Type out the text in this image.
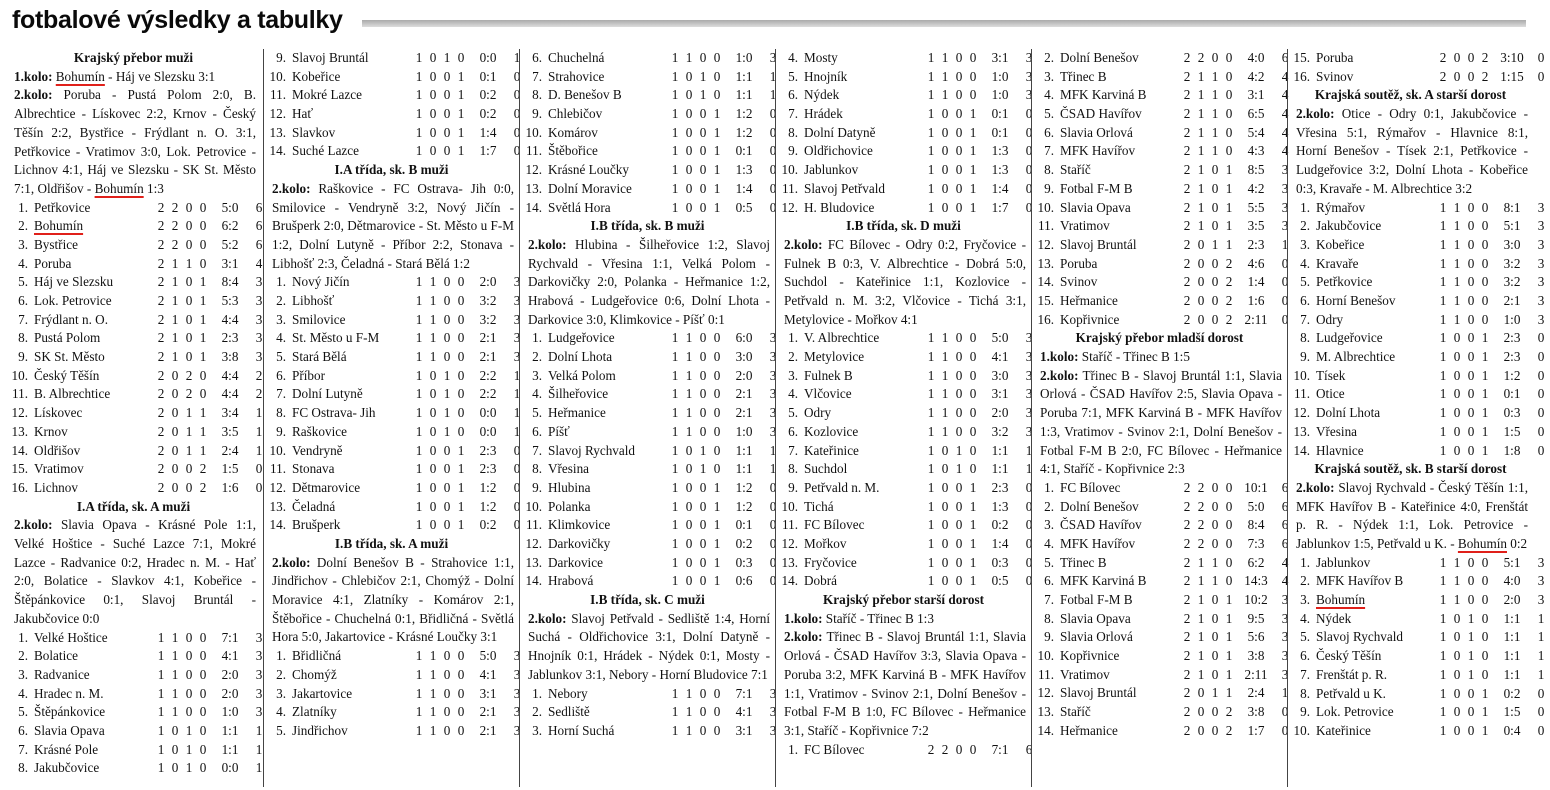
fotbalové výsledky a tabulky
Krajský přebor muži
1.kolo: Bohumín - Háj ve Slezsku 3:1
2.kolo: Poruba - Pustá Polom 2:0, B. Albrechtice - Lískovec 2:2, Krnov - Český Těšín 2:2, Bystřice - Frýdlant n. O. 3:1, Petřkovice - Vratimov 3:0, Lok. Petrovice - Lichnov 4:1, Háj ve Slezsku - SK St. Město 7:1, Oldřišov - Bohumín 1:3
1. Petřkovice	2 2 0 0	5:0	6
2. Bohumín	2 2 0 0	6:2	6
3. Bystřice	2 2 0 0	5:2	6
4. Poruba	2 1 1 0	3:1	4
5. Háj ve Slezsku	2 1 0 1	8:4	3
6. Lok. Petrovice	2 1 0 1	5:3	3
7. Frýdlant n. O.	2 1 0 1	4:4	3
8. Pustá Polom	2 1 0 1	2:3	3
9. SK St. Město	2 1 0 1	3:8	3
10. Český Těšín	2 0 2 0	4:4	2
11. B. Albrechtice	2 0 2 0	4:4	2
12. Lískovec	2 0 1 1	3:4	1
13. Krnov	2 0 1 1	3:5	1
14. Oldřišov	2 0 1 1	2:4	1
15. Vratimov	2 0 0 2	1:5	0
16. Lichnov	2 0 0 2	1:6	0
I.A třída, sk. A muži
2.kolo: Slavia Opava - Krásné Pole 1:1, Velké Hoštice - Suché Lazce 7:1, Mokré Lazce - Radvanice 0:2, Hradec n. M. - Hať 2:0, Bolatice - Slavkov 4:1, Kobeřice - Štěpánkovice 0:1, Slavoj Bruntál - Jakubčovice 0:0
1. Velké Hoštice	1 1 0 0	7:1	3
2. Bolatice	1 1 0 0	4:1	3
3. Radvanice	1 1 0 0	2:0	3
4. Hradec n. M.	1 1 0 0	2:0	3
5. Štěpánkovice	1 1 0 0	1:0	3
6. Slavia Opava	1 0 1 0	1:1	1
7. Krásné Pole	1 0 1 0	1:1	1
8. Jakubčovice	1 0 1 0	0:0	1
9. Slavoj Bruntál	1 0 1 0	0:0	1
10. Kobeřice	1 0 0 1	0:1	0
11. Mokré Lazce	1 0 0 1	0:2	0
12. Hať	1 0 0 1	0:2	0
13. Slavkov	1 0 0 1	1:4	0
14. Suché Lazce	1 0 0 1	1:7	0
I.A třída, sk. B muži
2.kolo: Raškovice - FC Ostrava- Jih 0:0, Smilovice - Vendryně 3:2, Nový Jičín - Brušperk 2:0, Dětmarovice - St. Město u F-M 1:2, Dolní Lutyně - Příbor 2:2, Stonava - Libhošť 2:3, Čeladná - Stará Bělá 1:2
1. Nový Jičín	1 1 0 0	2:0	3
2. Libhošť	1 1 0 0	3:2	3
3. Smilovice	1 1 0 0	3:2	3
4. St. Město u F-M	1 1 0 0	2:1	3
5. Stará Bělá	1 1 0 0	2:1	3
6. Příbor	1 0 1 0	2:2	1
7. Dolní Lutyně	1 0 1 0	2:2	1
8. FC Ostrava- Jih	1 0 1 0	0:0	1
9. Raškovice	1 0 1 0	0:0	1
10. Vendryně	1 0 0 1	2:3	0
11. Stonava	1 0 0 1	2:3	0
12. Dětmarovice	1 0 0 1	1:2	0
13. Čeladná	1 0 0 1	1:2	0
14. Brušperk	1 0 0 1	0:2	0
I.B třída, sk. A muži
2.kolo: Dolní Benešov B - Strahovice 1:1, Jindřichov - Chlebičov 2:1, Chomýž - Dolní Moravice 4:1, Zlatníky - Komárov 2:1, Štěbořice - Chuchelná 0:1, Břidličná - Světlá Hora 5:0, Jakartovice - Krásné Loučky 3:1
1. Břidličná	1 1 0 0	5:0	3
2. Chomýž	1 1 0 0	4:1	3
3. Jakartovice	1 1 0 0	3:1	3
4. Zlatníky	1 1 0 0	2:1	3
5. Jindřichov	1 1 0 0	2:1	3
6. Chuchelná	1 1 0 0	1:0	3
7. Strahovice	1 0 1 0	1:1	1
8. D. Benešov B	1 0 1 0	1:1	1
9. Chlebičov	1 0 0 1	1:2	0
10. Komárov	1 0 0 1	1:2	0
11. Štěbořice	1 0 0 1	0:1	0
12. Krásné Loučky	1 0 0 1	1:3	0
13. Dolní Moravice	1 0 0 1	1:4	0
14. Světlá Hora	1 0 0 1	0:5	0
I.B třída, sk. B muži
2.kolo: Hlubina - Šilheřovice 1:2, Slavoj Rychvald - Vřesina 1:1, Velká Polom - Darkovičky 2:0, Polanka - Heřmanice 1:2, Hrabová - Ludgeřovice 0:6, Dolní Lhota - Darkovice 3:0, Klimkovice - Píšť 0:1
1. Ludgeřovice	1 1 0 0	6:0	3
2. Dolní Lhota	1 1 0 0	3:0	3
3. Velká Polom	1 1 0 0	2:0	3
4. Šilheřovice	1 1 0 0	2:1	3
5. Heřmanice	1 1 0 0	2:1	3
6. Píšť	1 1 0 0	1:0	3
7. Slavoj Rychvald	1 0 1 0	1:1	1
8. Vřesina	1 0 1 0	1:1	1
9. Hlubina	1 0 0 1	1:2	0
10. Polanka	1 0 0 1	1:2	0
11. Klimkovice	1 0 0 1	0:1	0
12. Darkovičky	1 0 0 1	0:2	0
13. Darkovice	1 0 0 1	0:3	0
14. Hrabová	1 0 0 1	0:6	0
I.B třída, sk. C muži
2.kolo: Slavoj Petřvald - Sedliště 1:4, Horní Suchá - Oldřichovice 3:1, Dolní Datyně - Hnojník 0:1, Hrádek - Nýdek 0:1, Mosty - Jablunkov 3:1, Nebory - Horní Bludovice 7:1
1. Nebory	1 1 0 0	7:1	3
2. Sedliště	1 1 0 0	4:1	3
3. Horní Suchá	1 1 0 0	3:1	3
4. Mosty	1 1 0 0	3:1	3
5. Hnojník	1 1 0 0	1:0	3
6. Nýdek	1 1 0 0	1:0	3
7. Hrádek	1 0 0 1	0:1	0
8. Dolní Datyně	1 0 0 1	0:1	0
9. Oldřichovice	1 0 0 1	1:3	0
10. Jablunkov	1 0 0 1	1:3	0
11. Slavoj Petřvald	1 0 0 1	1:4	0
12. H. Bludovice	1 0 0 1	1:7	0
I.B třída, sk. D muži
2.kolo: FC Bílovec - Odry 0:2, Fryčovice - Fulnek B 0:3, V. Albrechtice - Dobrá 5:0, Suchdol - Kateřinice 1:1, Kozlovice - Petřvald n. M. 3:2, Vlčovice - Tichá 3:1, Metylovice - Mořkov 4:1
1. V. Albrechtice	1 1 0 0	5:0	3
2. Metylovice	1 1 0 0	4:1	3
3. Fulnek B	1 1 0 0	3:0	3
4. Vlčovice	1 1 0 0	3:1	3
5. Odry	1 1 0 0	2:0	3
6. Kozlovice	1 1 0 0	3:2	3
7. Kateřinice	1 0 1 0	1:1	1
8. Suchdol	1 0 1 0	1:1	1
9. Petřvald n. M.	1 0 0 1	2:3	0
10. Tichá	1 0 0 1	1:3	0
11. FC Bílovec	1 0 0 1	0:2	0
12. Mořkov	1 0 0 1	1:4	0
13. Fryčovice	1 0 0 1	0:3	0
14. Dobrá	1 0 0 1	0:5	0
Krajský přebor starší dorost
1.kolo: Staříč - Třinec B 1:3
2.kolo: Třinec B - Slavoj Bruntál 1:1, Slavia Orlová - ČSAD Havířov 3:3, Slavia Opava - Poruba 3:2, MFK Karviná B - MFK Havířov 1:1, Vratimov - Svinov 2:1, Dolní Benešov - Fotbal F-M B 1:0, FC Bílovec - Heřmanice 3:1, Staříč - Kopřivnice 7:2
1. FC Bílovec	2 2 0 0	7:1	6
2. Dolní Benešov	2 2 0 0	4:0	6
3. Třinec B	2 1 1 0	4:2	4
4. MFK Karviná B	2 1 1 0	3:1	4
5. ČSAD Havířov	2 1 1 0	6:5	4
6. Slavia Orlová	2 1 1 0	5:4	4
7. MFK Havířov	2 1 1 0	4:3	4
8. Staříč	2 1 0 1	8:5	3
9. Fotbal F-M B	2 1 0 1	4:2	3
10. Slavia Opava	2 1 0 1	5:5	3
11. Vratimov	2 1 0 1	3:5	3
12. Slavoj Bruntál	2 0 1 1	2:3	1
13. Poruba	2 0 0 2	4:6	0
14. Svinov	2 0 0 2	1:4	0
15. Heřmanice	2 0 0 2	1:6	0
16. Kopřivnice	2 0 0 2 2:11	0
Krajský přebor mladší dorost
1.kolo: Staříč - Třinec B 1:5
2.kolo: Třinec B - Slavoj Bruntál 1:1, Slavia Orlová - ČSAD Havířov 2:5, Slavia Opava - Poruba 7:1, MFK Karviná B - MFK Havířov 1:3, Vratimov - Svinov 2:1, Dolní Benešov - Fotbal F-M B 2:0, FC Bílovec - Heřmanice 4:1, Staříč - Kopřivnice 2:3
1. FC Bílovec	2 2 0 0 10:1	6
2. Dolní Benešov	2 2 0 0	5:0	6
3. ČSAD Havířov	2 2 0 0	8:4	6
4. MFK Havířov	2 2 0 0	7:3	6
5. Třinec B	2 1 1 0	6:2	4
6. MFK Karviná B	2 1 1 0 14:3	4
7. Fotbal F-M B	2 1 0 1 10:2	3
8. Slavia Opava	2 1 0 1	9:5	3
9. Slavia Orlová	2 1 0 1	5:6	3
10. Kopřivnice	2 1 0 1	3:8	3
11. Vratimov	2 1 0 1 2:11	3
12. Slavoj Bruntál	2 0 1 1	2:4	1
13. Staříč	2 0 0 2	3:8	0
14. Heřmanice	2 0 0 2	1:7	0
15. Poruba	2 0 0 2 3:10	0
16. Svinov	2 0 0 2 1:15	0
Krajská soutěž, sk. A starší dorost
2.kolo: Otice - Odry 0:1, Jakubčovice - Vřesina 5:1, Rýmařov - Hlavnice 8:1, Horní Benešov - Tísek 2:1, Petřkovice - Ludgeřovice 3:2, Dolní Lhota - Kobeřice 0:3, Kravaře - M. Albrechtice 3:2
1. Rýmařov	1 1 0 0	8:1	3
2. Jakubčovice	1 1 0 0	5:1	3
3. Kobeřice	1 1 0 0	3:0	3
4. Kravaře	1 1 0 0	3:2	3
5. Petřkovice	1 1 0 0	3:2	3
6. Horní Benešov	1 1 0 0	2:1	3
7. Odry	1 1 0 0	1:0	3
8. Ludgeřovice	1 0 0 1	2:3	0
9. M. Albrechtice	1 0 0 1	2:3	0
10. Tísek	1 0 0 1	1:2	0
11. Otice	1 0 0 1	0:1	0
12. Dolní Lhota	1 0 0 1	0:3	0
13. Vřesina	1 0 0 1	1:5	0
14. Hlavnice	1 0 0 1	1:8	0
Krajská soutěž, sk. B starší dorost
2.kolo: Slavoj Rychvald - Český Těšín 1:1, MFK Havířov B - Kateřinice 4:0, Frenštát p. R. - Nýdek 1:1, Lok. Petrovice - Jablunkov 1:5, Petřvald u K. - Bohumín 0:2
1. Jablunkov	1 1 0 0	5:1	3
2. MFK Havířov B	1 1 0 0	4:0	3
3. Bohumín	1 1 0 0	2:0	3
4. Nýdek	1 0 1 0	1:1	1
5. Slavoj Rychvald	1 0 1 0	1:1	1
6. Český Těšín	1 0 1 0	1:1	1
7. Frenštát p. R.	1 0 1 0	1:1	1
8. Petřvald u K.	1 0 0 1	0:2	0
9. Lok. Petrovice	1 0 0 1	1:5	0
10. Kateřinice	1 0 0 1	0:4	0
